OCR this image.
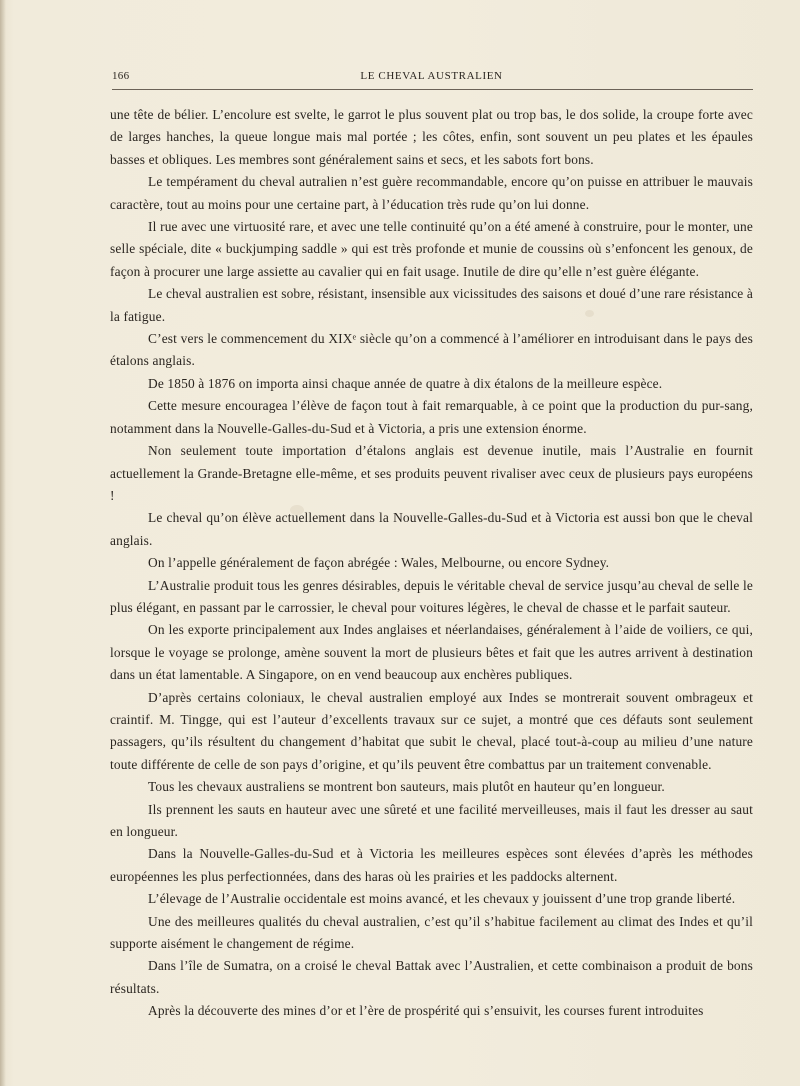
166	LE CHEVAL AUSTRALIEN

une tête de bélier. L’encolure est svelte, le garrot le plus souvent plat ou trop bas, le dos solide, la croupe forte avec de larges hanches, la queue longue mais mal portée ; les côtes, enfin, sont souvent un peu plates et les épaules basses et obliques. Les membres sont généralement sains et secs, et les sabots fort bons.

Le tempérament du cheval autralien n’est guère recommandable, encore qu’on puisse en attribuer le mauvais caractère, tout au moins pour une certaine part, à l’éducation très rude qu’on lui donne.

Il rue avec une virtuosité rare, et avec une telle continuité qu’on a été amené à construire, pour le monter, une selle spéciale, dite « buckjumping saddle » qui est très profonde et munie de coussins où s’enfoncent les genoux, de façon à procurer une large assiette au cavalier qui en fait usage. Inutile de dire qu’elle n’est guère élégante.

Le cheval australien est sobre, résistant, insensible aux vicissitudes des saisons et doué d’une rare résistance à la fatigue.

C’est vers le commencement du XIXᵉ siècle qu’on a commencé à l’améliorer en introduisant dans le pays des étalons anglais.

De 1850 à 1876 on importa ainsi chaque année de quatre à dix étalons de la meilleure espèce.

Cette mesure encouragea l’élève de façon tout à fait remarquable, à ce point que la production du pur-sang, notamment dans la Nouvelle-Galles-du-Sud et à Victoria, a pris une extension énorme.

Non seulement toute importation d’étalons anglais est devenue inutile, mais l’Australie en fournit actuellement la Grande-Bretagne elle-même, et ses produits peuvent rivaliser avec ceux de plusieurs pays européens !

Le cheval qu’on élève actuellement dans la Nouvelle-Galles-du-Sud et à Victoria est aussi bon que le cheval anglais.

On l’appelle généralement de façon abrégée : Wales, Melbourne, ou encore Sydney.

L’Australie produit tous les genres désirables, depuis le véritable cheval de service jusqu’au cheval de selle le plus élégant, en passant par le carrossier, le cheval pour voitures légères, le cheval de chasse et le parfait sauteur.

On les exporte principalement aux Indes anglaises et néerlandaises, généralement à l’aide de voiliers, ce qui, lorsque le voyage se prolonge, amène souvent la mort de plusieurs bêtes et fait que les autres arrivent à destination dans un état lamentable. A Singapore, on en vend beaucoup aux enchères publiques.

D’après certains coloniaux, le cheval australien employé aux Indes se montrerait souvent ombrageux et craintif. M. Tingge, qui est l’auteur d’excellents travaux sur ce sujet, a montré que ces défauts sont seulement passagers, qu’ils résultent du changement d’habitat que subit le cheval, placé tout-à-coup au milieu d’une nature toute différente de celle de son pays d’origine, et qu’ils peuvent être combattus par un traitement convenable.

Tous les chevaux australiens se montrent bon sauteurs, mais plutôt en hauteur qu’en longueur.

Ils prennent les sauts en hauteur avec une sûreté et une facilité merveilleuses, mais il faut les dresser au saut en longueur.

Dans la Nouvelle-Galles-du-Sud et à Victoria les meilleures espèces sont élevées d’après les méthodes européennes les plus perfectionnées, dans des haras où les prairies et les paddocks alternent.

L’élevage de l’Australie occidentale est moins avancé, et les chevaux y jouissent d’une trop grande liberté.

Une des meilleures qualités du cheval australien, c’est qu’il s’habitue facilement au climat des Indes et qu’il supporte aisément le changement de régime.

Dans l’île de Sumatra, on a croisé le cheval Battak avec l’Australien, et cette combinaison a produit de bons résultats.

Après la découverte des mines d’or et l’ère de prospérité qui s’ensuivit, les courses furent introduites
